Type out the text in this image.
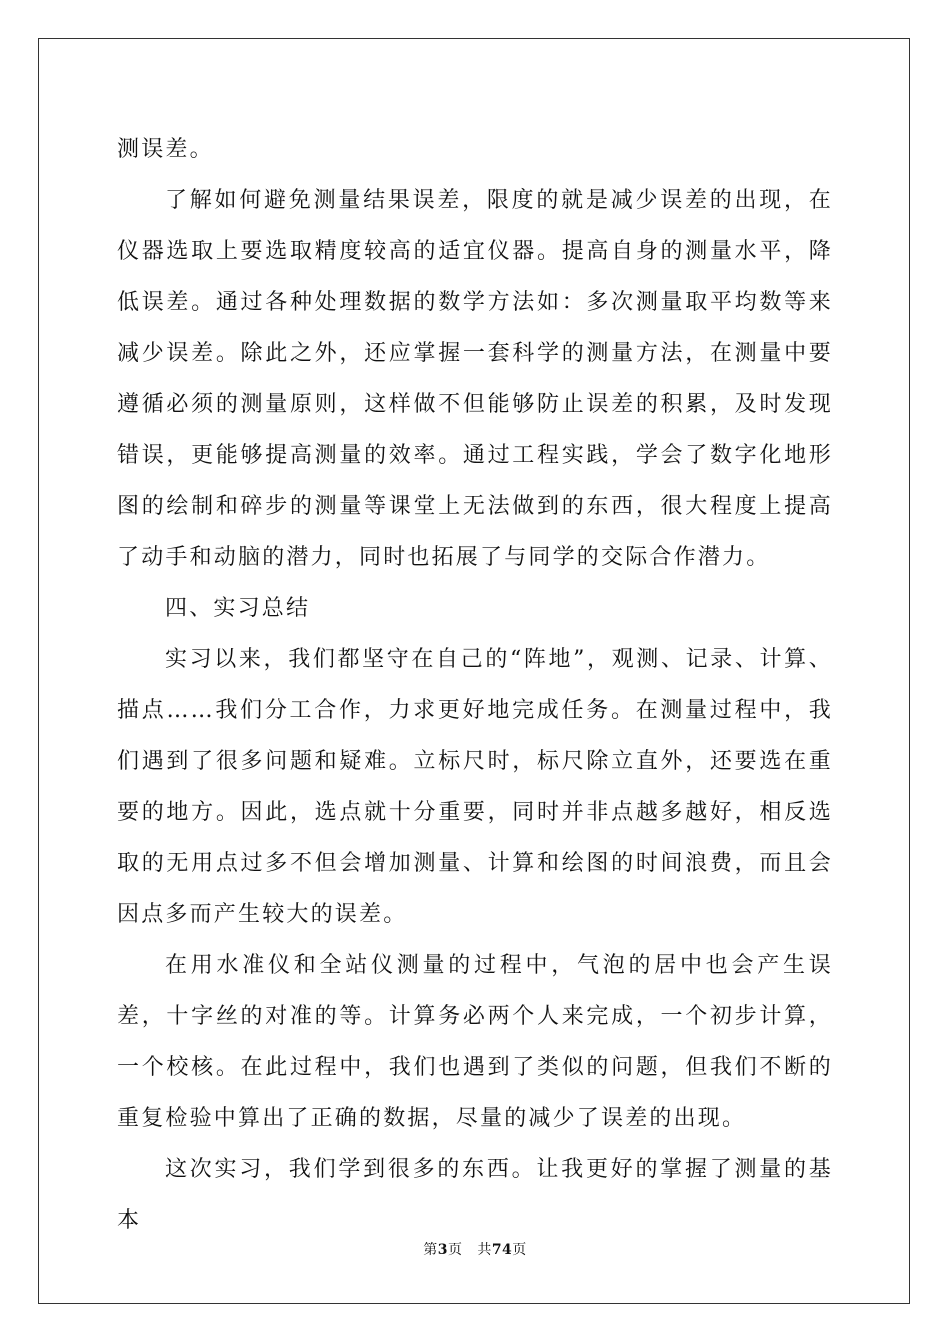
测误差。

了解如何避免测量结果误差，限度的就是减少误差的出现，在仪器选取上要选取精度较高的适宜仪器。提高自身的测量水平，降低误差。通过各种处理数据的数学方法如：多次测量取平均数等来减少误差。除此之外，还应掌握一套科学的测量方法，在测量中要遵循必须的测量原则，这样做不但能够防止误差的积累，及时发现错误，更能够提高测量的效率。通过工程实践，学会了数字化地形图的绘制和碎步的测量等课堂上无法做到的东西，很大程度上提高了动手和动脑的潜力，同时也拓展了与同学的交际合作潜力。

四、实习总结

实习以来，我们都坚守在自己的“阵地”，观测、记录、计算、描点……我们分工合作，力求更好地完成任务。在测量过程中，我们遇到了很多问题和疑难。立标尺时，标尺除立直外，还要选在重要的地方。因此，选点就十分重要，同时并非点越多越好，相反选取的无用点过多不但会增加测量、计算和绘图的时间浪费，而且会因点多而产生较大的误差。

在用水准仪和全站仪测量的过程中，气泡的居中也会产生误差，十字丝的对准的等。计算务必两个人来完成，一个初步计算，一个校核。在此过程中，我们也遇到了类似的问题，但我们不断的重复检验中算出了正确的数据，尽量的减少了误差的出现。

这次实习，我们学到很多的东西。让我更好的掌握了测量的基本

第3页 共74页
